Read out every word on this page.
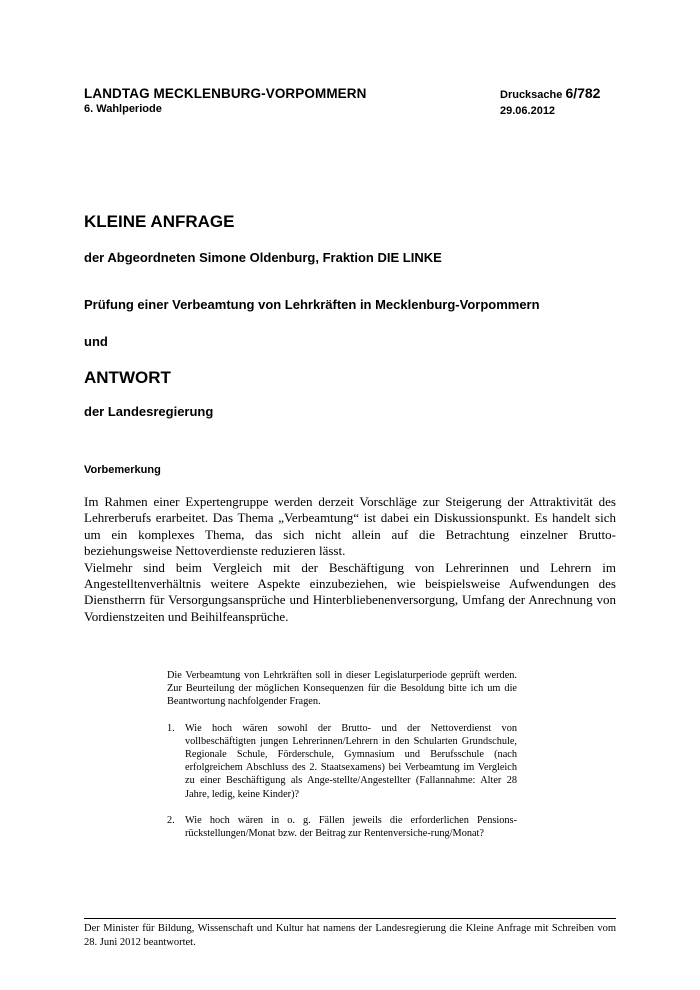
LANDTAG MECKLENBURG-VORPOMMERN
6. Wahlperiode
Drucksache 6/782
29.06.2012
KLEINE ANFRAGE
der Abgeordneten Simone Oldenburg, Fraktion DIE LINKE
Prüfung einer Verbeamtung von Lehrkräften in Mecklenburg-Vorpommern
und
ANTWORT
der Landesregierung
Vorbemerkung

Im Rahmen einer Expertengruppe werden derzeit Vorschläge zur Steigerung der Attraktivität des Lehrerberufs erarbeitet. Das Thema „Verbeamtung“ ist dabei ein Diskussionspunkt. Es handelt sich um ein komplexes Thema, das sich nicht allein auf die Betrachtung einzelner Brutto- beziehungsweise Nettoverdienste reduzieren lässt.

Vielmehr sind beim Vergleich mit der Beschäftigung von Lehrerinnen und Lehrern im Angestelltenverhältnis weitere Aspekte einzubeziehen, wie beispielsweise Aufwendungen des Dienstherrn für Versorgungsansprüche und Hinterbliebenenversorgung, Umfang der Anrechnung von Vordienstzeiten und Beihilfeansprüche.

Die Verbeamtung von Lehrkräften soll in dieser Legislaturperiode geprüft werden. Zur Beurteilung der möglichen Konsequenzen für die Besoldung bitte ich um die Beantwortung nachfolgender Fragen.

1. Wie hoch wären sowohl der Brutto- und der Nettoverdienst von vollbeschäftigten jungen Lehrerinnen/Lehrern in den Schularten Grundschule, Regionale Schule, Förderschule, Gymnasium und Berufsschule (nach erfolgreichem Abschluss des 2. Staatsexamens) bei Verbeamtung im Vergleich zu einer Beschäftigung als Ange-stellte/Angestellter (Fallannahme: Alter 28 Jahre, ledig, keine Kinder)?
2. Wie hoch wären in o. g. Fällen jeweils die erforderlichen Pensions-rückstellungen/Monat bzw. der Beitrag zur Rentenversiche-rung/Monat?
Der Minister für Bildung, Wissenschaft und Kultur hat namens der Landesregierung die Kleine Anfrage mit Schreiben vom 28. Juni 2012 beantwortet.
